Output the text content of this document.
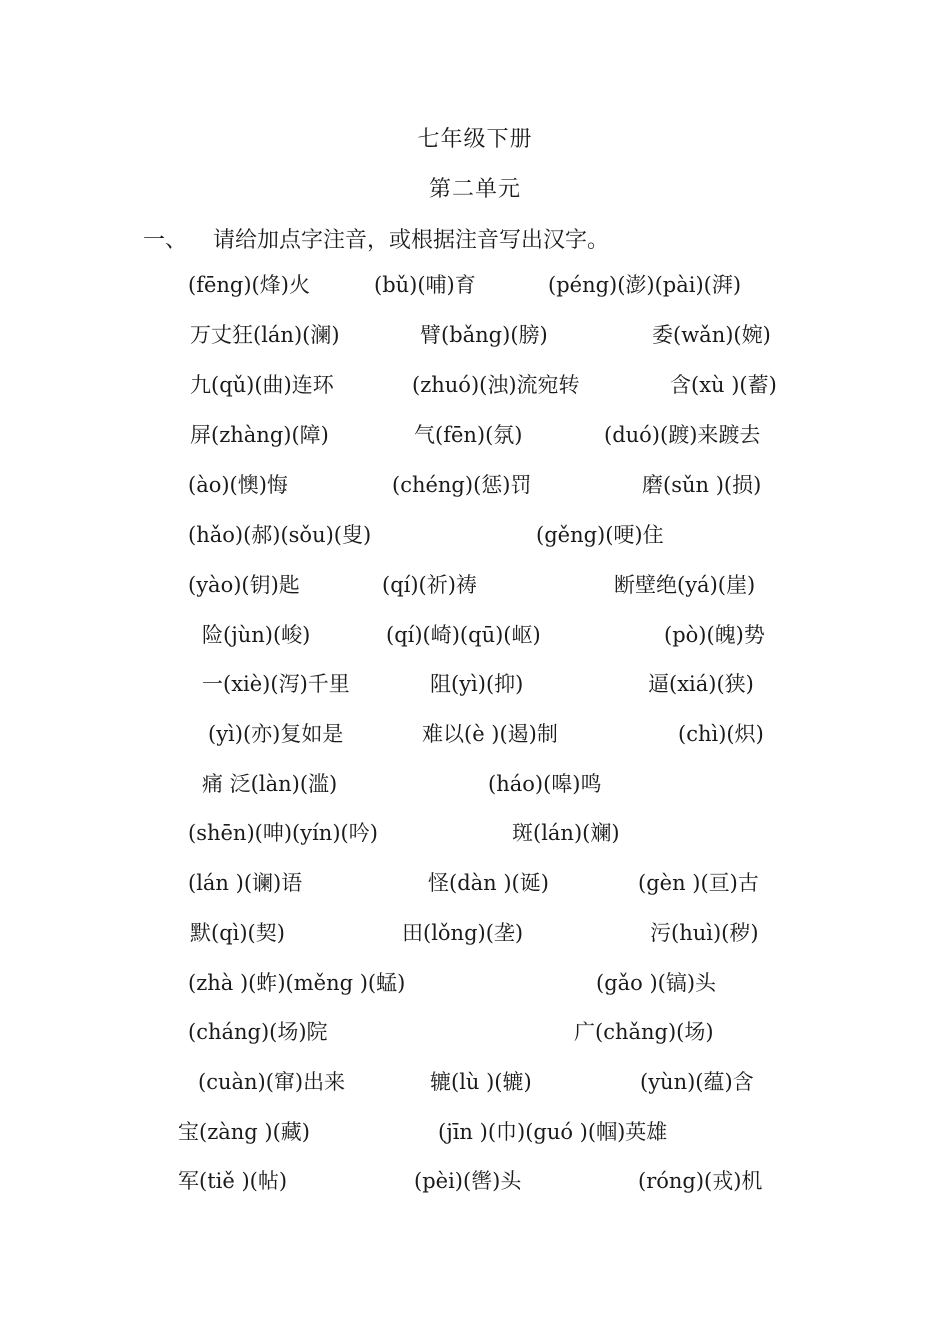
七年级下册
第二单元
一、 请给加点字注音，或根据注音写出汉字。
(fēng)(烽)火	(bǔ)(哺)育	(péng)(澎)(pài)(湃)
万丈狂(lán)(澜)	臂(bǎng)(膀)	委(wǎn)(婉)
九(qǔ)(曲)连环	(zhuó)(浊)流宛转	含(xù )(蓄)
屏(zhàng)(障)	气(fēn)(氛)	(duó)(踱)来踱去
(ào)(懊)悔	(chéng)(惩)罚	磨(sǔn )(损)
(hǎo)(郝)(sǒu)(叟)	(gěng)(哽)住
(yào)(钥)匙	(qí)(祈)祷	断壁绝(yá)(崖)
险(jùn)(峻)	(qí)(崎)(qū)(岖)	(pò)(魄)势
一(xiè)(泻)千里	阻(yì)(抑)	逼(xiá)(狭)
(yì)(亦)复如是	难以(è )(遏)制	(chì)(炽)
痛 泛(làn)(滥)	(háo)(嗥)鸣
(shēn)(呻)(yín)(吟)	斑(lán)(斓)
(lán )(谰)语	怪(dàn )(诞)	(gèn )(亘)古
默(qì)(契)	田(lǒng)(垄)	污(huì)(秽)
(zhà )(蚱)(měng )(蜢)	(gǎo )(镐)头
(cháng)(场)院	广(chǎng)(场)
(cuàn)(窜)出来	辘(lù )(辘)	(yùn)(蕴)含
宝(zàng )(藏)	(jīn )(巾)(guó )(帼)英雄
军(tiě )(帖)	(pèi)(辔)头	(róng)(戎)机
